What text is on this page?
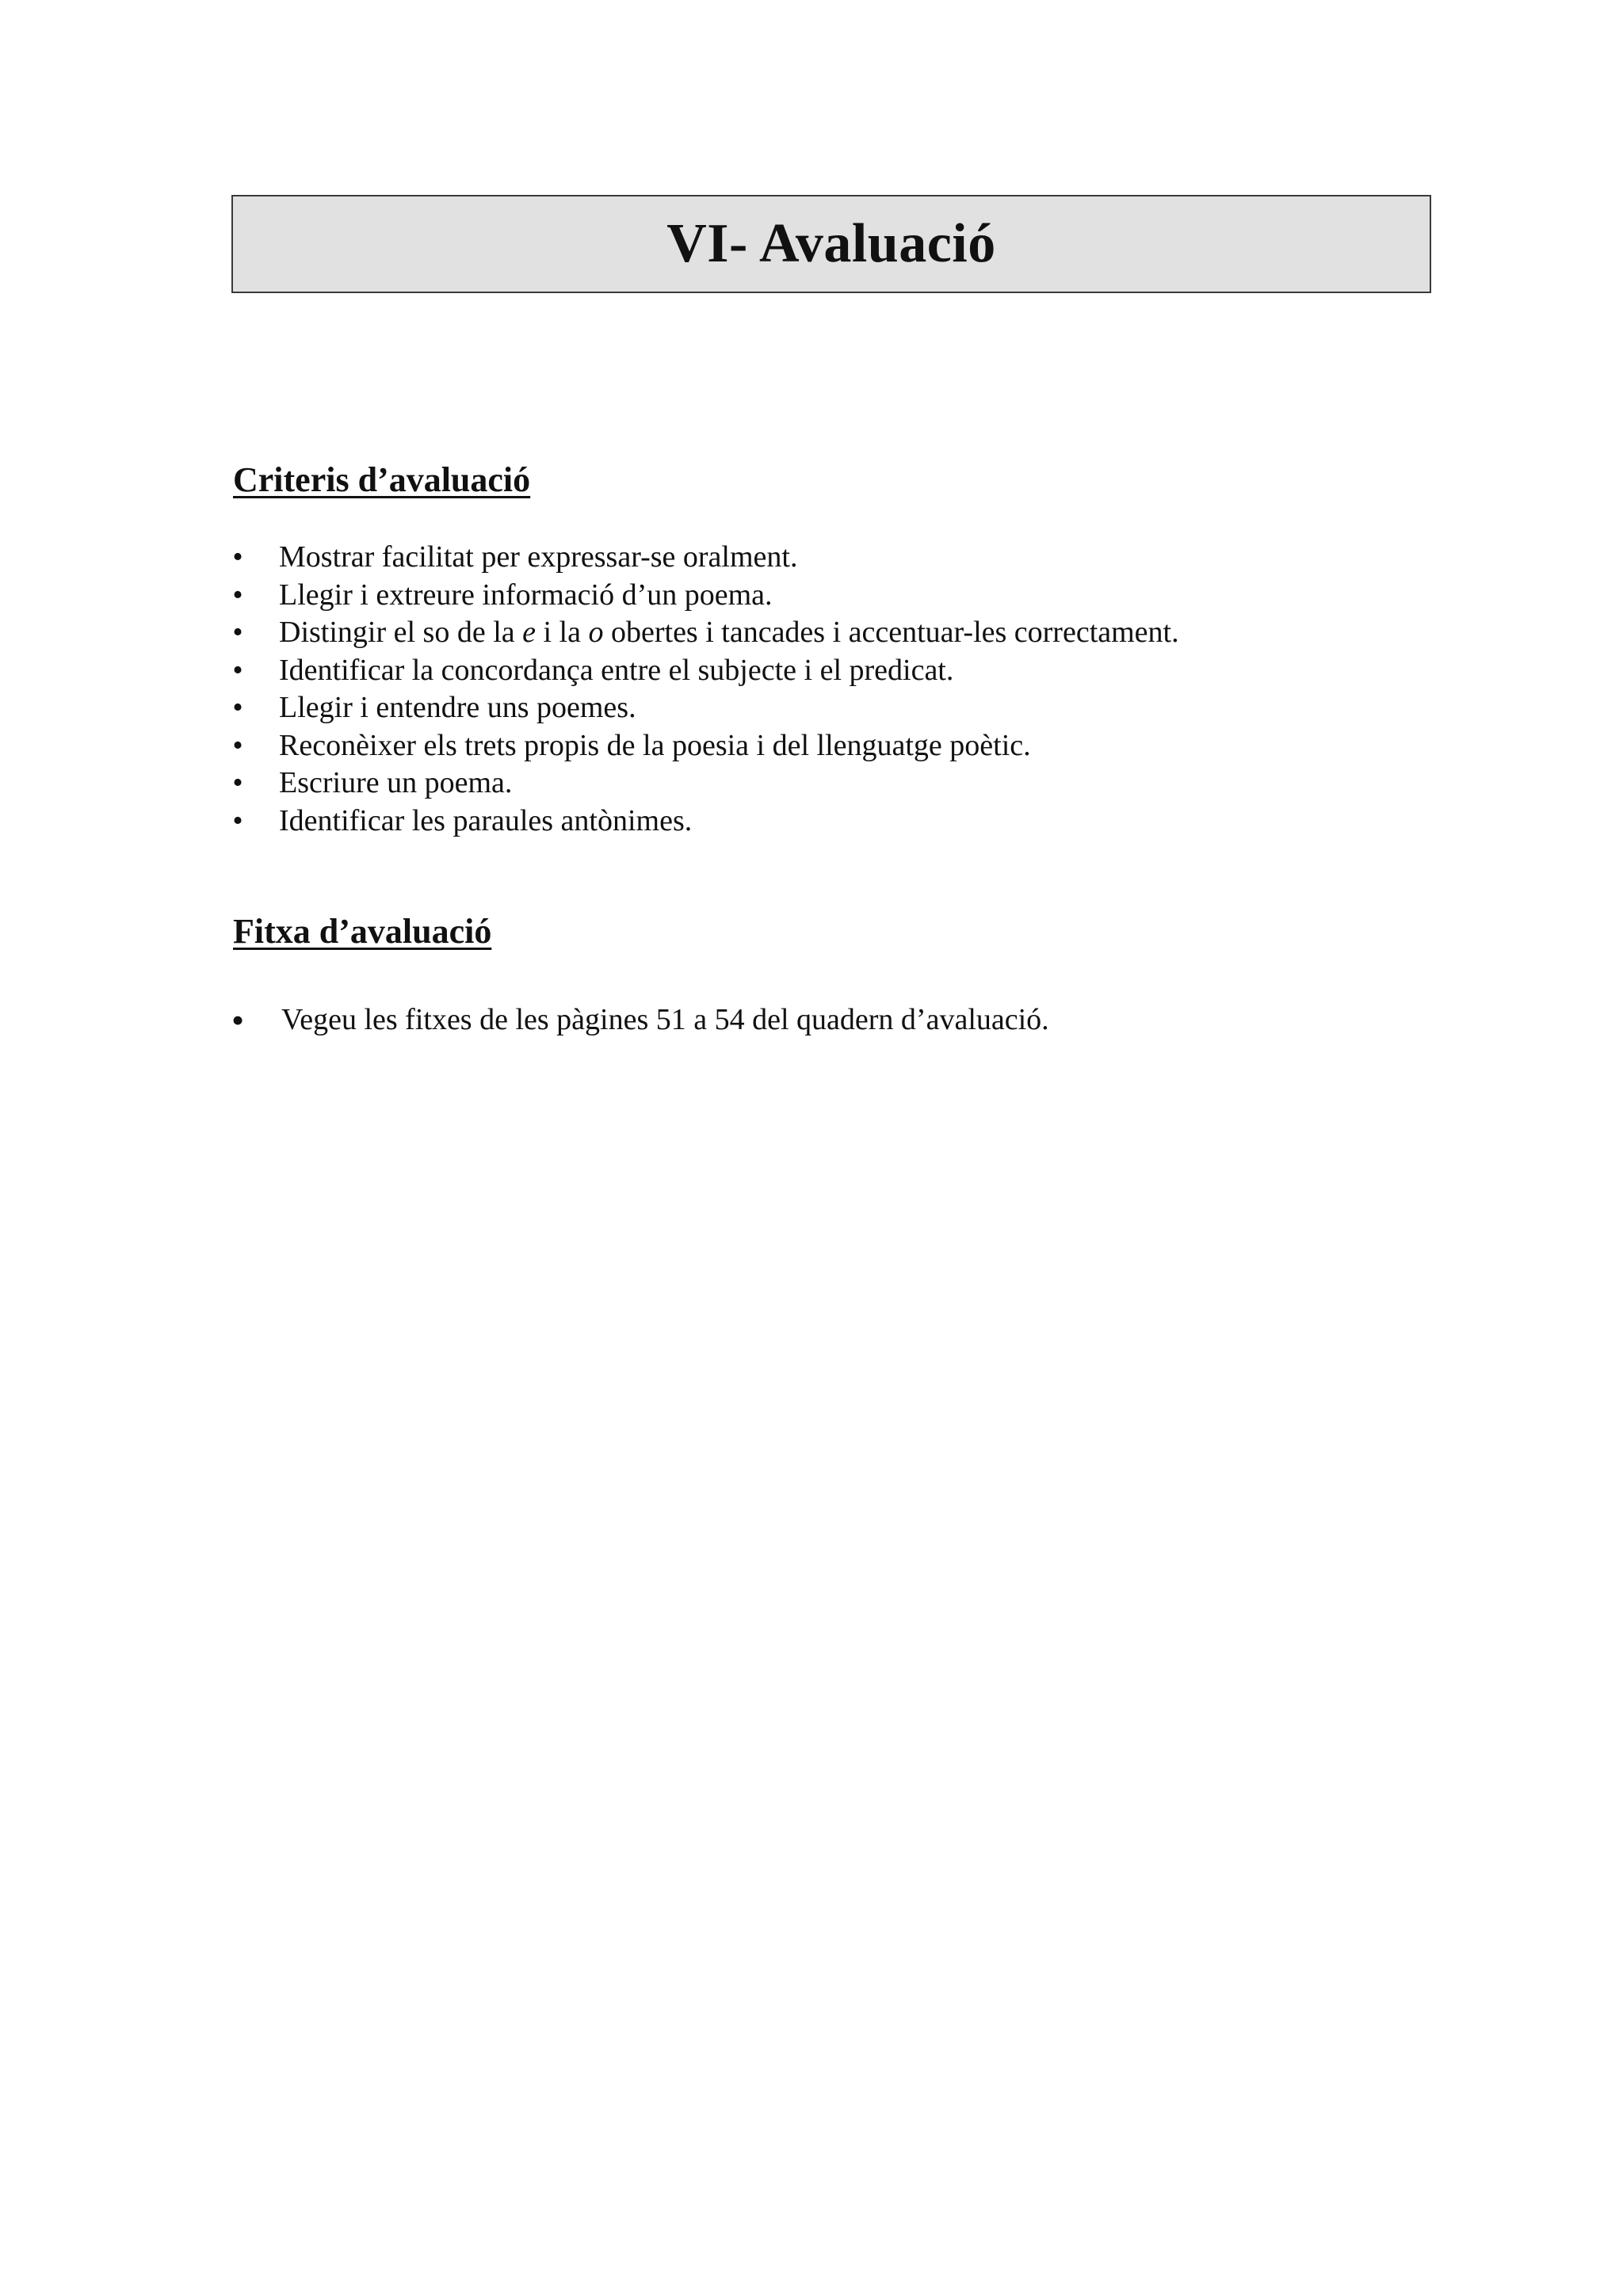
VI- Avaluació
Criteris d’avaluació
• Mostrar facilitat per expressar-se oralment.
• Llegir i extreure informació d’un poema.
• Distingir el so de la e i la o obertes i tancades i accentuar-les correctament.
• Identificar la concordança entre el subjecte i el predicat.
• Llegir i entendre uns poemes.
• Reconèixer els trets propis de la poesia i del llenguatge poètic.
• Escriure un poema.
• Identificar les paraules antònimes.
Fitxa d’avaluació
• Vegeu les fitxes de les pàgines 51 a 54 del quadern d’avaluació.
